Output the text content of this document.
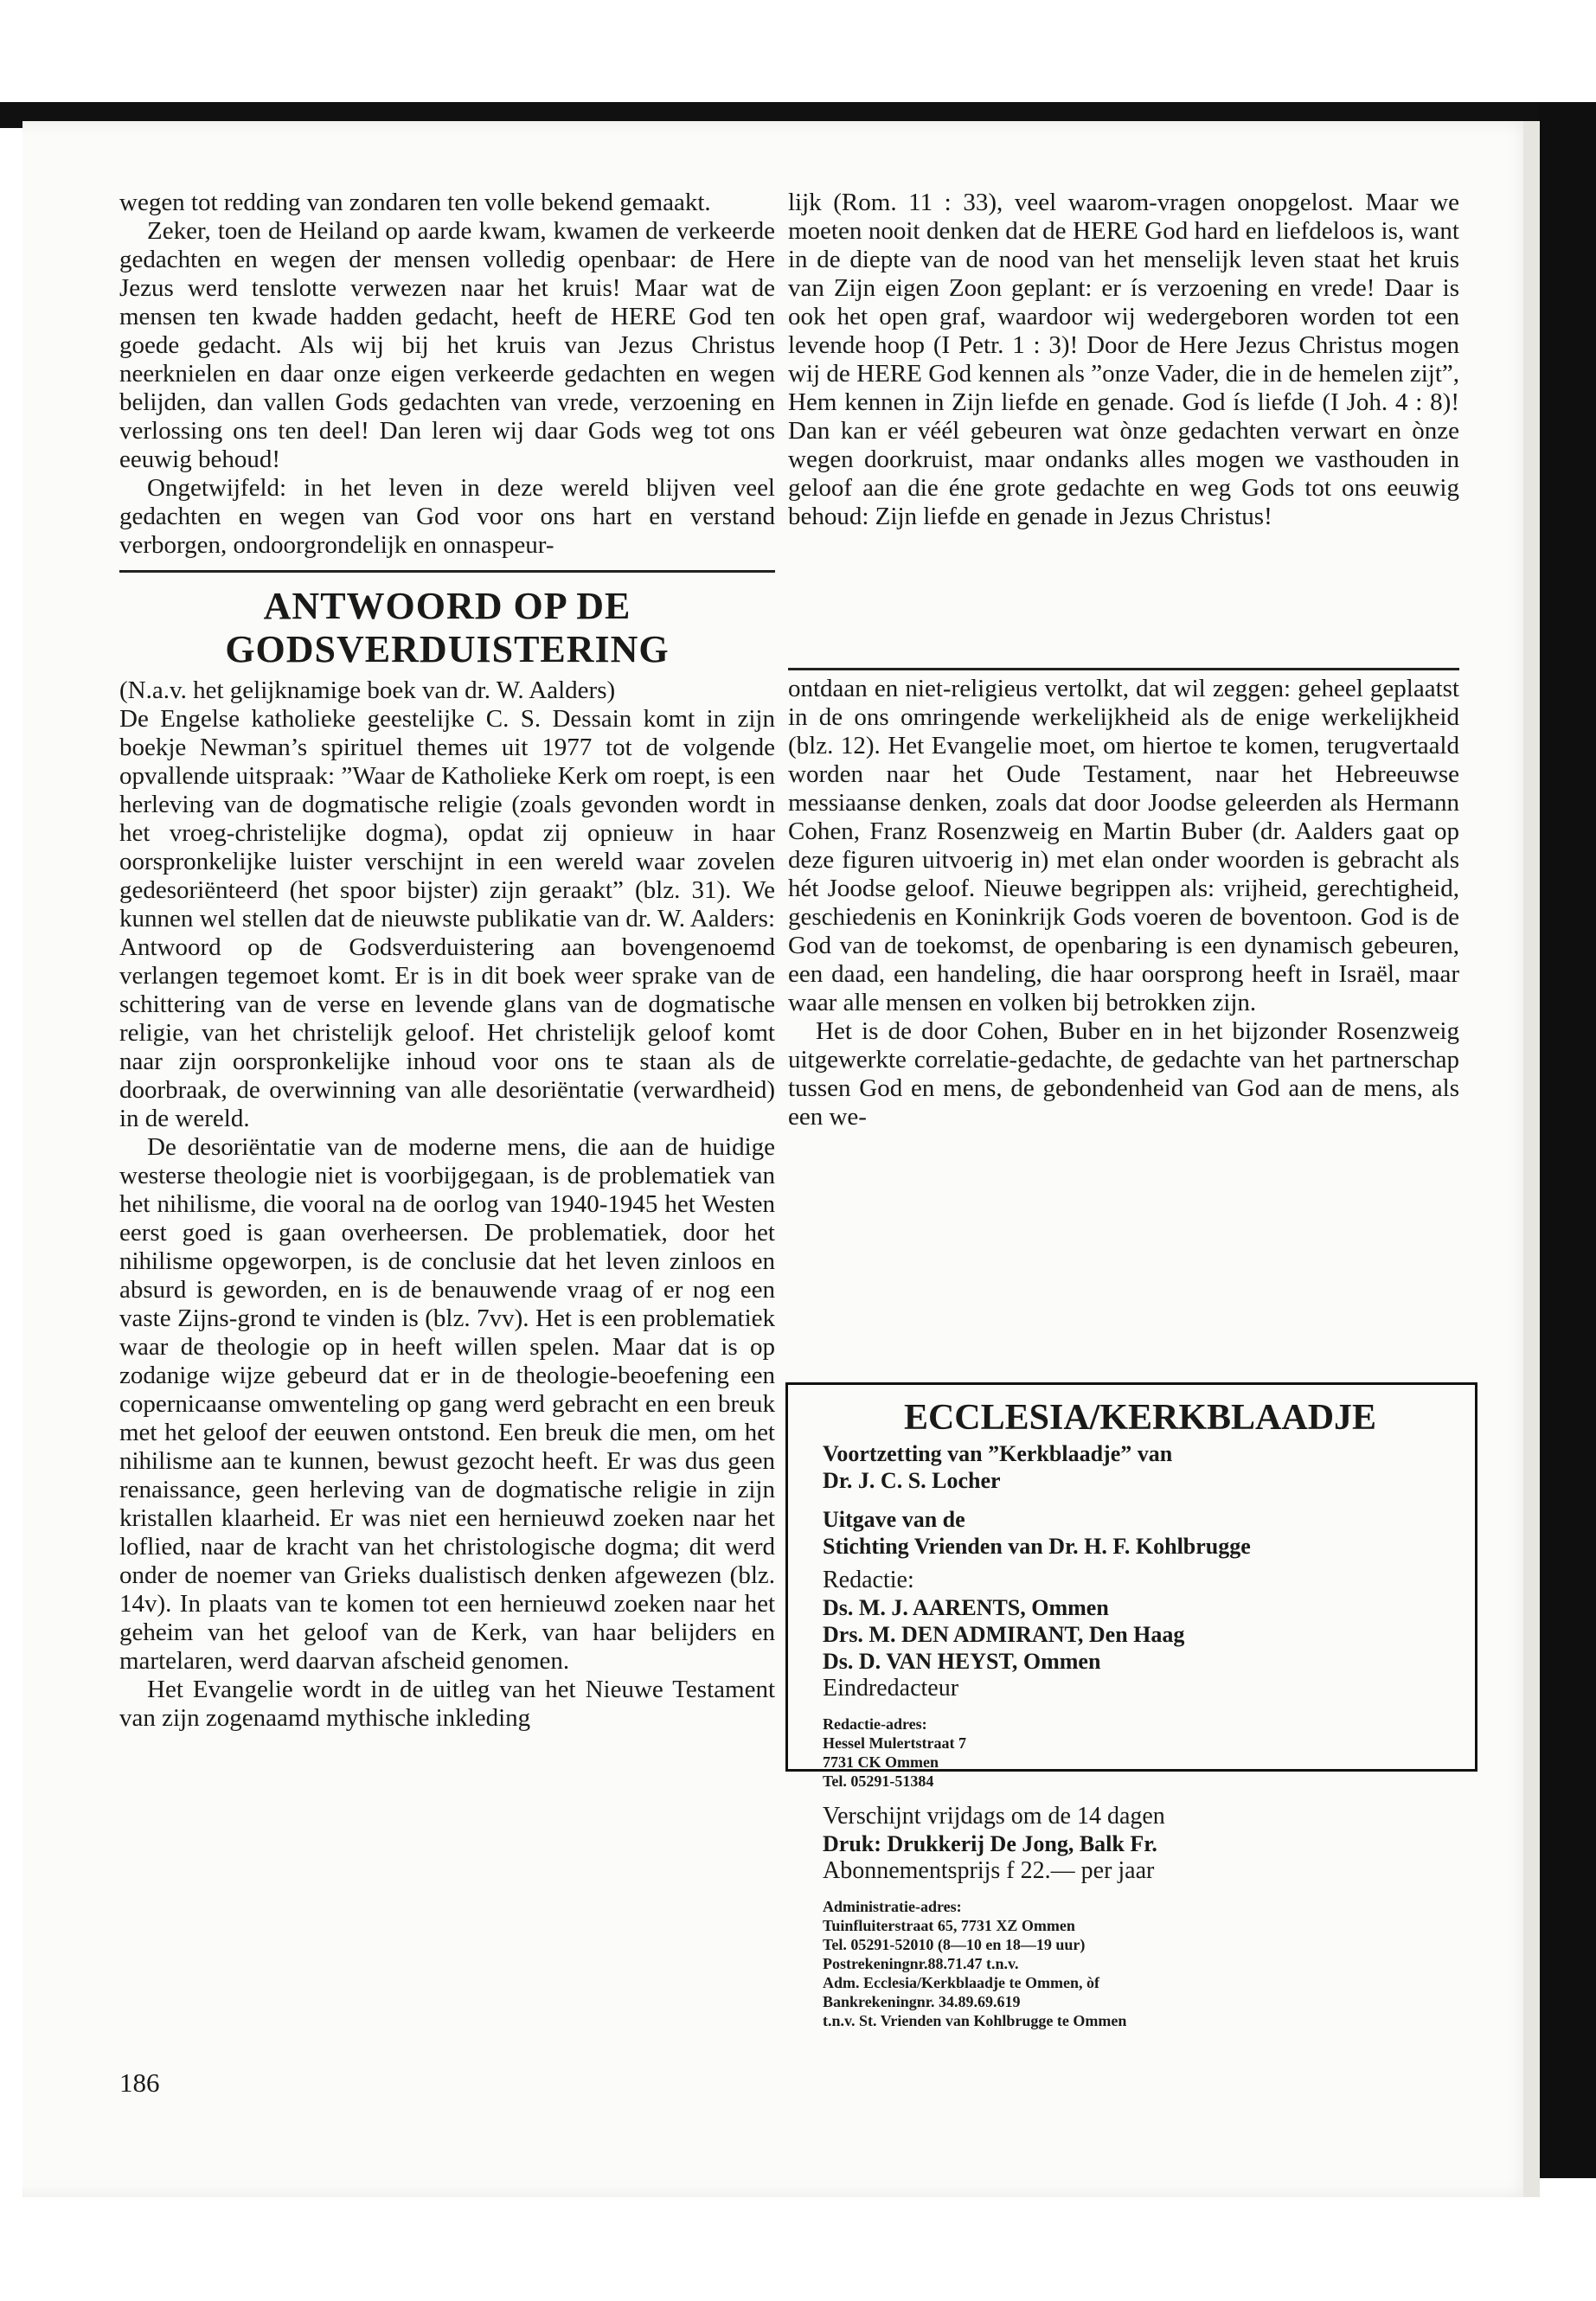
wegen tot redding van zondaren ten volle bekend gemaakt.

Zeker, toen de Heiland op aarde kwam, kwamen de verkeerde gedachten en wegen der mensen volledig openbaar: de Here Jezus werd tenslotte verwezen naar het kruis! Maar wat de mensen ten kwade hadden gedacht, heeft de HERE God ten goede gedacht. Als wij bij het kruis van Jezus Christus neerknielen en daar onze eigen verkeerde gedachten en wegen belijden, dan vallen Gods gedachten van vrede, verzoening en verlossing ons ten deel! Dan leren wij daar Gods weg tot ons eeuwig behoud!

Ongetwijfeld: in het leven in deze wereld blijven veel gedachten en wegen van God voor ons hart en verstand verborgen, ondoorgrondelijk en onnaspeur-

ANTWOORD OP DE
GODSVERDUISTERING

(N.a.v. het gelijknamige boek van dr. W. Aalders)

De Engelse katholieke geestelijke C. S. Dessain komt in zijn boekje Newman’s spirituel themes uit 1977 tot de volgende opvallende uitspraak: ”Waar de Katholieke Kerk om roept, is een herleving van de dogmatische religie (zoals gevonden wordt in het vroeg-christelijke dogma), opdat zij opnieuw in haar oorspronkelijke luister verschijnt in een wereld waar zovelen gedesoriënteerd (het spoor bijster) zijn geraakt” (blz. 31). We kunnen wel stellen dat de nieuwste publikatie van dr. W. Aalders: Antwoord op de Godsverduistering aan bovengenoemd verlangen tegemoet komt. Er is in dit boek weer sprake van de schittering van de verse en levende glans van de dogmatische religie, van het christelijk geloof. Het christelijk geloof komt naar zijn oorspronkelijke inhoud voor ons te staan als de doorbraak, de overwinning van alle desoriëntatie (verwardheid) in de wereld.

De desoriëntatie van de moderne mens, die aan de huidige westerse theologie niet is voorbijgegaan, is de problematiek van het nihilisme, die vooral na de oorlog van 1940-1945 het Westen eerst goed is gaan overheersen. De problematiek, door het nihilisme opgeworpen, is de conclusie dat het leven zinloos en absurd is geworden, en is de benauwende vraag of er nog een vaste Zijns-grond te vinden is (blz. 7vv). Het is een problematiek waar de theologie op in heeft willen spelen. Maar dat is op zodanige wijze gebeurd dat er in de theologie-beoefening een copernicaanse omwenteling op gang werd gebracht en een breuk met het geloof der eeuwen ontstond. Een breuk die men, om het nihilisme aan te kunnen, bewust gezocht heeft. Er was dus geen renaissance, geen herleving van de dogmatische religie in zijn kristallen klaarheid. Er was niet een hernieuwd zoeken naar het loflied, naar de kracht van het christologische dogma; dit werd onder de noemer van Grieks dualistisch denken afgewezen (blz. 14v). In plaats van te komen tot een hernieuwd zoeken naar het geheim van het geloof van de Kerk, van haar belijders en martelaren, werd daarvan afscheid genomen.

Het Evangelie wordt in de uitleg van het Nieuwe Testament van zijn zogenaamd mythische inkleding

lijk (Rom. 11 : 33), veel waarom-vragen onopgelost. Maar we moeten nooit denken dat de HERE God hard en liefdeloos is, want in de diepte van de nood van het menselijk leven staat het kruis van Zijn eigen Zoon geplant: er ís verzoening en vrede! Daar is ook het open graf, waardoor wij wedergeboren worden tot een levende hoop (I Petr. 1 : 3)! Door de Here Jezus Christus mogen wij de HERE God kennen als ”onze Vader, die in de hemelen zijt”, Hem kennen in Zijn liefde en genade. God ís liefde (I Joh. 4 : 8)! Dan kan er véél gebeuren wat ònze gedachten verwart en ònze wegen doorkruist, maar ondanks alles mogen we vasthouden in geloof aan die éne grote gedachte en weg Gods tot ons eeuwig behoud: Zijn liefde en genade in Jezus Christus!

ontdaan en niet-religieus vertolkt, dat wil zeggen: geheel geplaatst in de ons omringende werkelijkheid als de enige werkelijkheid (blz. 12). Het Evangelie moet, om hiertoe te komen, terugvertaald worden naar het Oude Testament, naar het Hebreeuwse messiaanse denken, zoals dat door Joodse geleerden als Hermann Cohen, Franz Rosenzweig en Martin Buber (dr. Aalders gaat op deze figuren uitvoerig in) met elan onder woorden is gebracht als hét Joodse geloof. Nieuwe begrippen als: vrijheid, gerechtigheid, geschiedenis en Koninkrijk Gods voeren de boventoon. God is de God van de toekomst, de openbaring is een dynamisch gebeuren, een daad, een handeling, die haar oorsprong heeft in Israël, maar waar alle mensen en volken bij betrokken zijn.

Het is de door Cohen, Buber en in het bijzonder Rosenzweig uitgewerkte correlatie-gedachte, de gedachte van het partnerschap tussen God en mens, de gebondenheid van God aan de mens, als een we-

ECCLESIA/KERKBLAADJE
Voortzetting van ”Kerkblaadje” van
Dr. J. C. S. Locher
Uitgave van de
Stichting Vrienden van Dr. H. F. Kohlbrugge
Redactie:
Ds. M. J. AARENTS, Ommen
Drs. M. DEN ADMIRANT, Den Haag
Ds. D. VAN HEYST, Ommen
Eindredacteur
Redactie-adres:
Hessel Mulertstraat 7
7731 CK Ommen
Tel. 05291-51384
Verschijnt vrijdags om de 14 dagen
Druk: Drukkerij De Jong, Balk Fr.
Abonnementsprijs f 22.— per jaar
Administratie-adres:
Tuinfluiterstraat 65, 7731 XZ Ommen
Tel. 05291-52010 (8—10 en 18—19 uur)
Postrekeningnr.88.71.47 t.n.v.
Adm. Ecclesia/Kerkblaadje te Ommen, òf
Bankrekeningnr. 34.89.69.619
t.n.v. St. Vrienden van Kohlbrugge te Ommen
186
